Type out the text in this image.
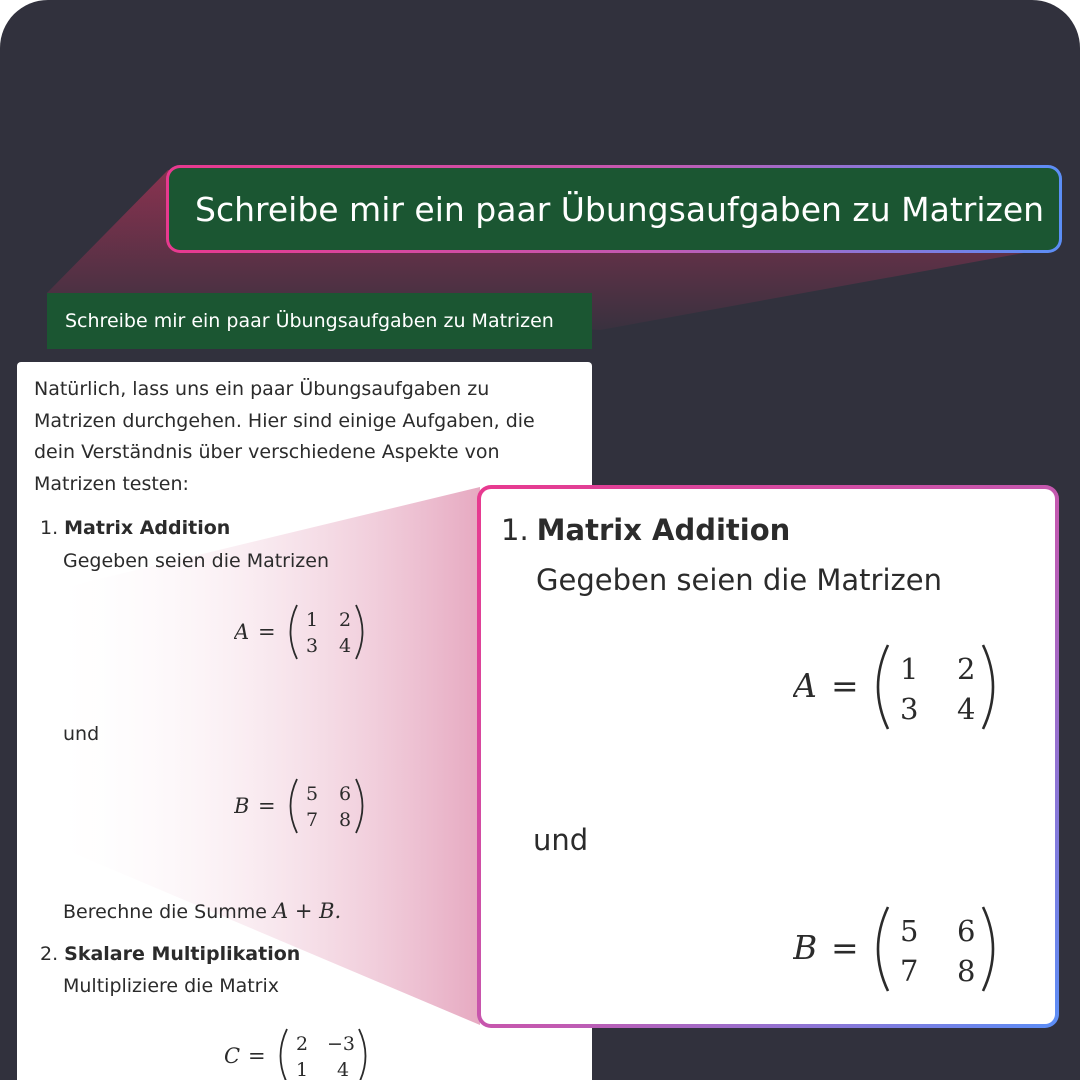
Schreibe mir ein paar Übungsaufgaben zu Matrizen
Schreibe mir ein paar Übungsaufgaben zu Matrizen

Natürlich, lass uns ein paar Übungsaufgaben zu
Matrizen durchgehen. Hier sind einige Aufgaben, die
dein Verständnis über verschiedene Aspekte von
Matrizen testen:

1. Matrix Addition
Gegeben seien die Matrizen
A = 1 2
3 4
und
B = 5 6
7 8
Berechne die Summe A + B.
2. Skalare Multiplikation
Multipliziere die Matrix
C = 2 −3
1 4
1. Matrix Addition
Gegeben seien die Matrizen
A = 1 2
3 4
und
B = 5 6
7 8
